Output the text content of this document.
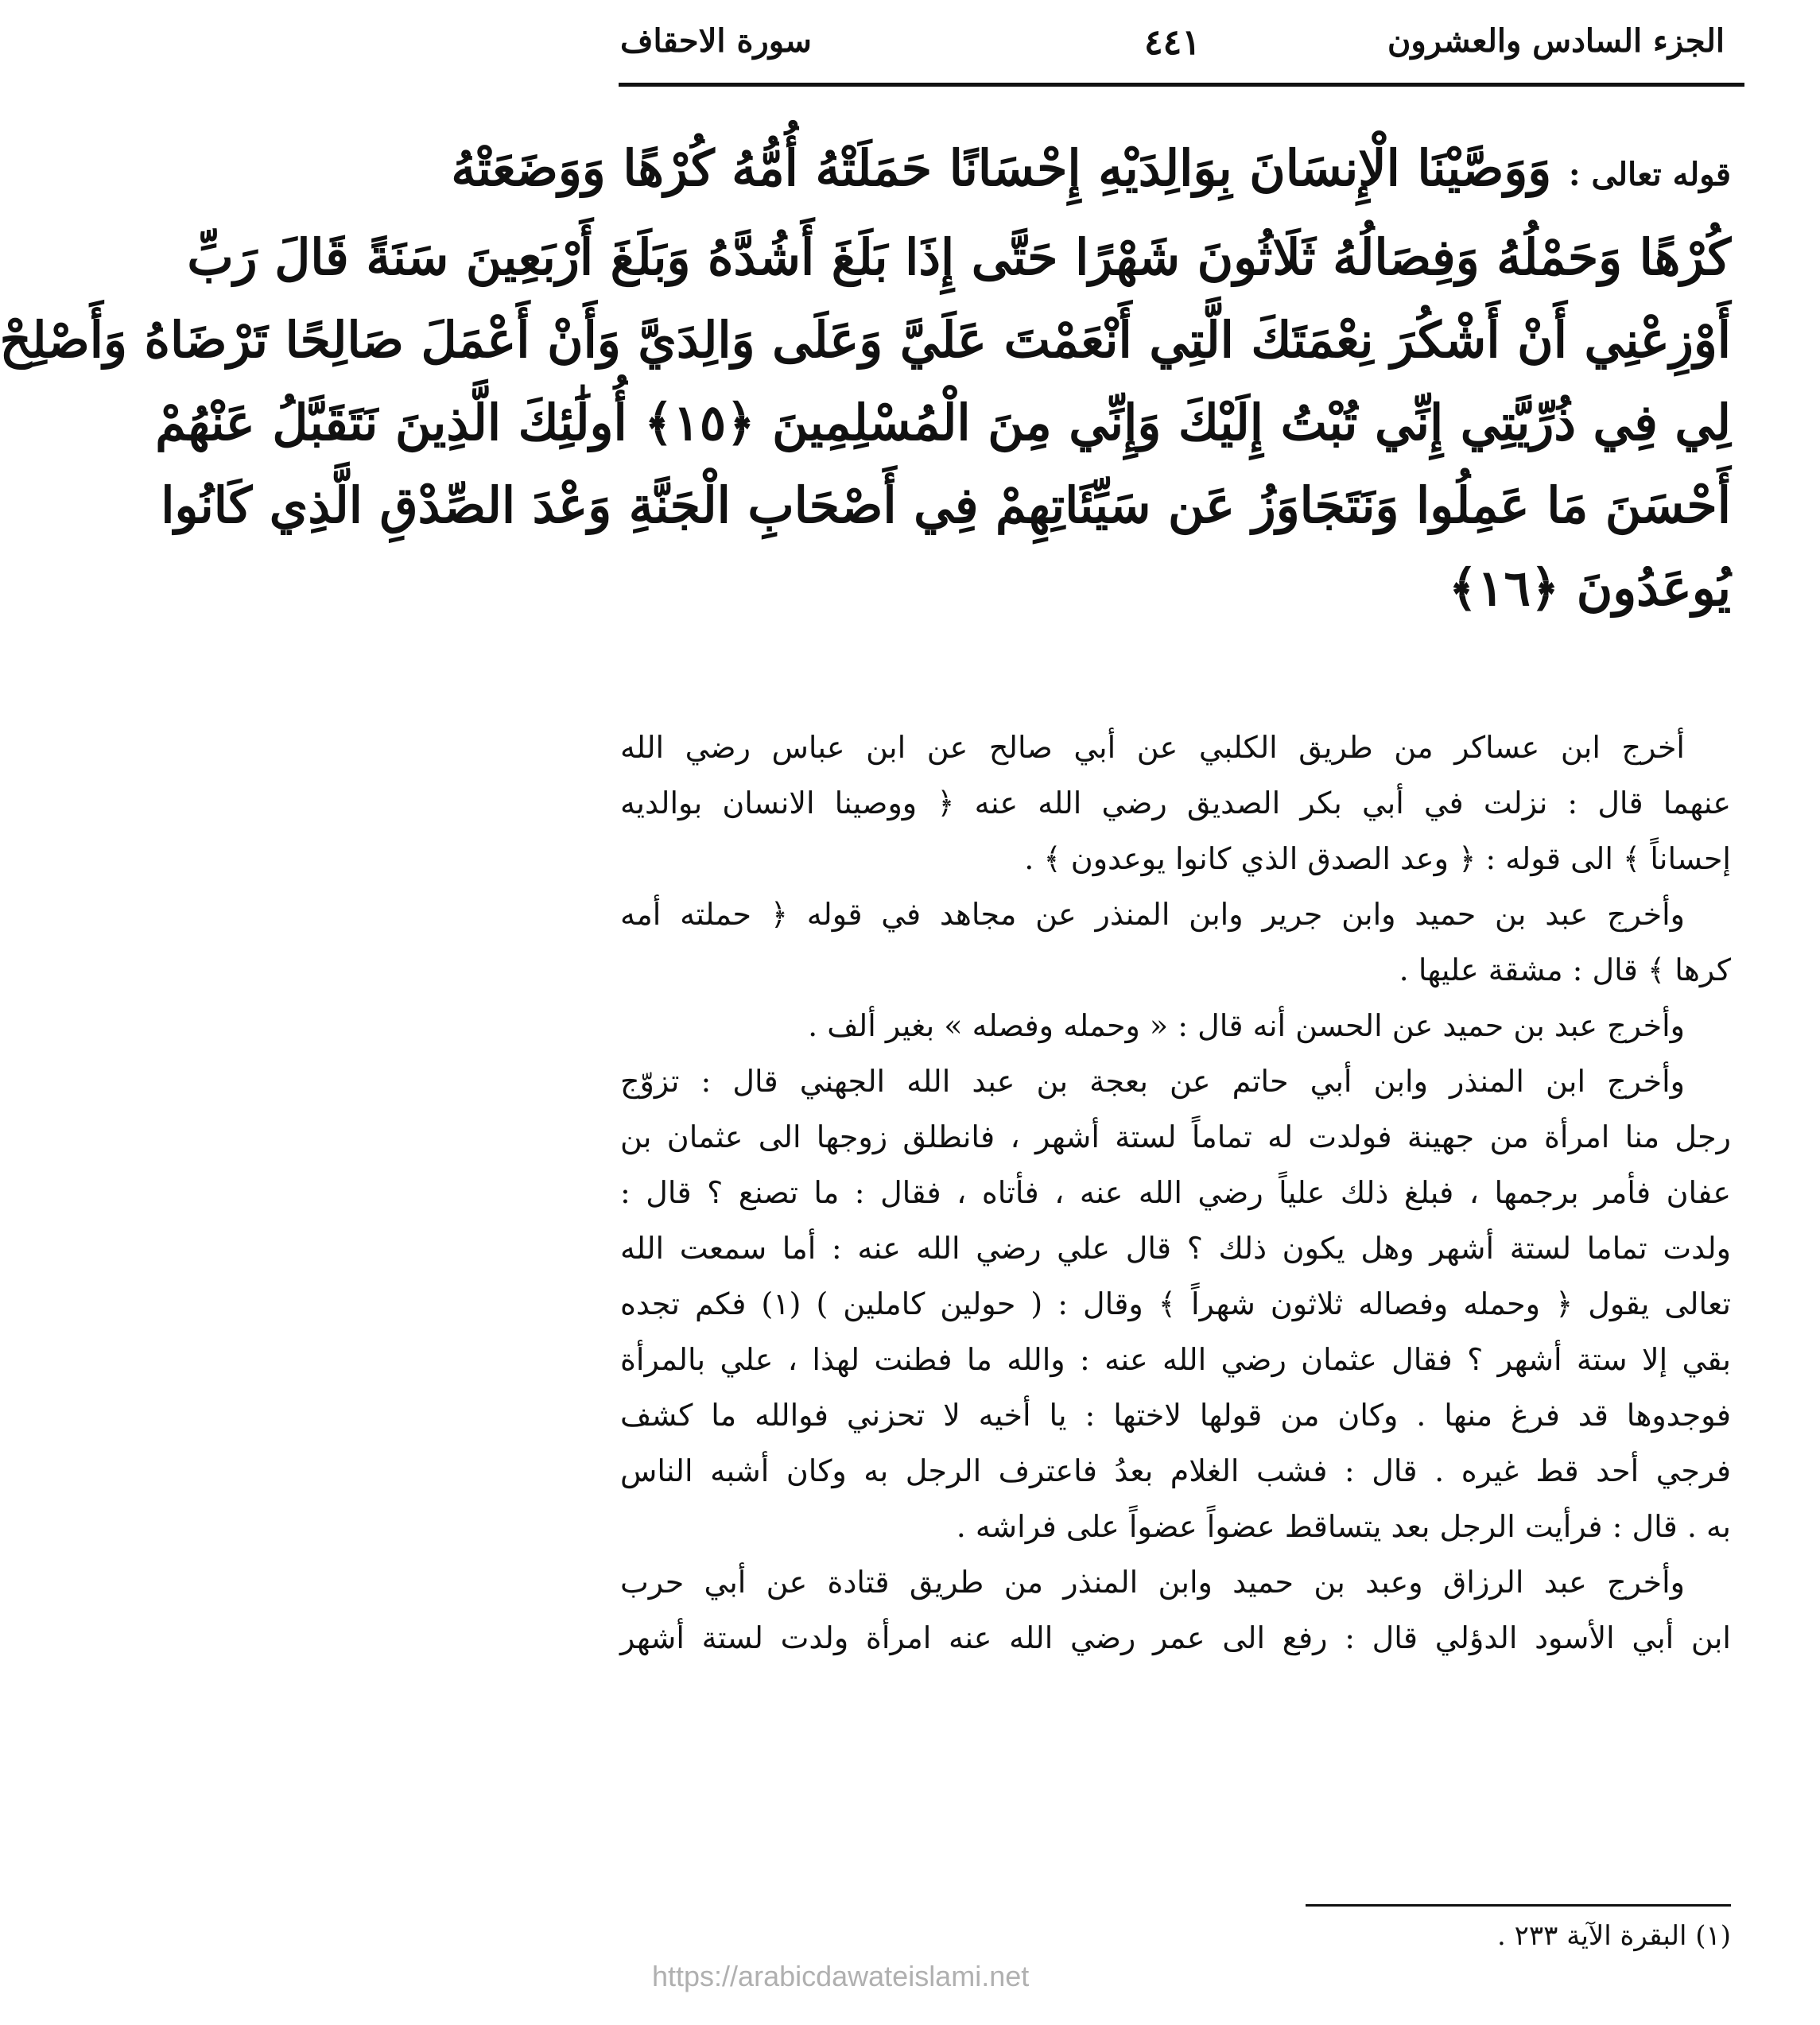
الجزء السادس والعشرون
٤٤١
سورة الاحقاف
قوله تعالى : وَوَصَّيْنَا الْإِنسَانَ بِوَالِدَيْهِ إِحْسَانًا حَمَلَتْهُ أُمُّهُ كُرْهًا وَوَضَعَتْهُ
كُرْهًا وَحَمْلُهُ وَفِصَالُهُ ثَلَاثُونَ شَهْرًا حَتَّى إِذَا بَلَغَ أَشُدَّهُ وَبَلَغَ أَرْبَعِينَ سَنَةً قَالَ رَبِّ
أَوْزِعْنِي أَنْ أَشْكُرَ نِعْمَتَكَ الَّتِي أَنْعَمْتَ عَلَيَّ وَعَلَى وَالِدَيَّ وَأَنْ أَعْمَلَ صَالِحًا تَرْضَاهُ وَأَصْلِحْ
لِي فِي ذُرِّيَّتِي إِنِّي تُبْتُ إِلَيْكَ وَإِنِّي مِنَ الْمُسْلِمِينَ ﴿١٥﴾ أُولَٰئِكَ الَّذِينَ نَتَقَبَّلُ عَنْهُمْ
أَحْسَنَ مَا عَمِلُوا وَنَتَجَاوَزُ عَن سَيِّئَاتِهِمْ فِي أَصْحَابِ الْجَنَّةِ وَعْدَ الصِّدْقِ الَّذِي كَانُوا
يُوعَدُونَ ﴿١٦﴾

أخرج ابن عساكر من طريق الكلبي عن أبي صالح عن ابن عباس رضي الله
عنهما قال : نزلت في أبي بكر الصديق رضي الله عنه ﴿ ووصينا الانسان بوالديه
إحساناً ﴾ الى قوله : ﴿ وعد الصدق الذي كانوا يوعدون ﴾ .

وأخرج عبد بن حميد وابن جرير وابن المنذر عن مجاهد في قوله ﴿ حملته أمه
كرها ﴾ قال : مشقة عليها .

وأخرج عبد بن حميد عن الحسن أنه قال : « وحمله وفصله » بغير ألف .

وأخرج ابن المنذر وابن أبي حاتم عن بعجة بن عبد الله الجهني قال : تزوّج
رجل منا امرأة من جهينة فولدت له تماماً لستة أشهر ، فانطلق زوجها الى عثمان بن
عفان فأمر برجمها ، فبلغ ذلك علياً رضي الله عنه ، فأتاه ، فقال : ما تصنع ؟ قال :
ولدت تماما لستة أشهر وهل يكون ذلك ؟ قال علي رضي الله عنه : أما سمعت الله
تعالى يقول ﴿ وحمله وفصاله ثلاثون شهراً ﴾ وقال : ( حولين كاملين ) (١) فكم تجده
بقي إلا ستة أشهر ؟ فقال عثمان رضي الله عنه : والله ما فطنت لهذا ، علي بالمرأة
فوجدوها قد فرغ منها . وكان من قولها لاختها : يا أخيه لا تحزني فوالله ما كشف
فرجي أحد قط غيره . قال : فشب الغلام بعدُ فاعترف الرجل به وكان أشبه الناس
به . قال : فرأيت الرجل بعد يتساقط عضواً عضواً على فراشه .

وأخرج عبد الرزاق وعبد بن حميد وابن المنذر من طريق قتادة عن أبي حرب
ابن أبي الأسود الدؤلي قال : رفع الى عمر رضي الله عنه امرأة ولدت لستة أشهر

(١) البقرة الآية ٢٣٣ .
https://arabicdawateislami.net
